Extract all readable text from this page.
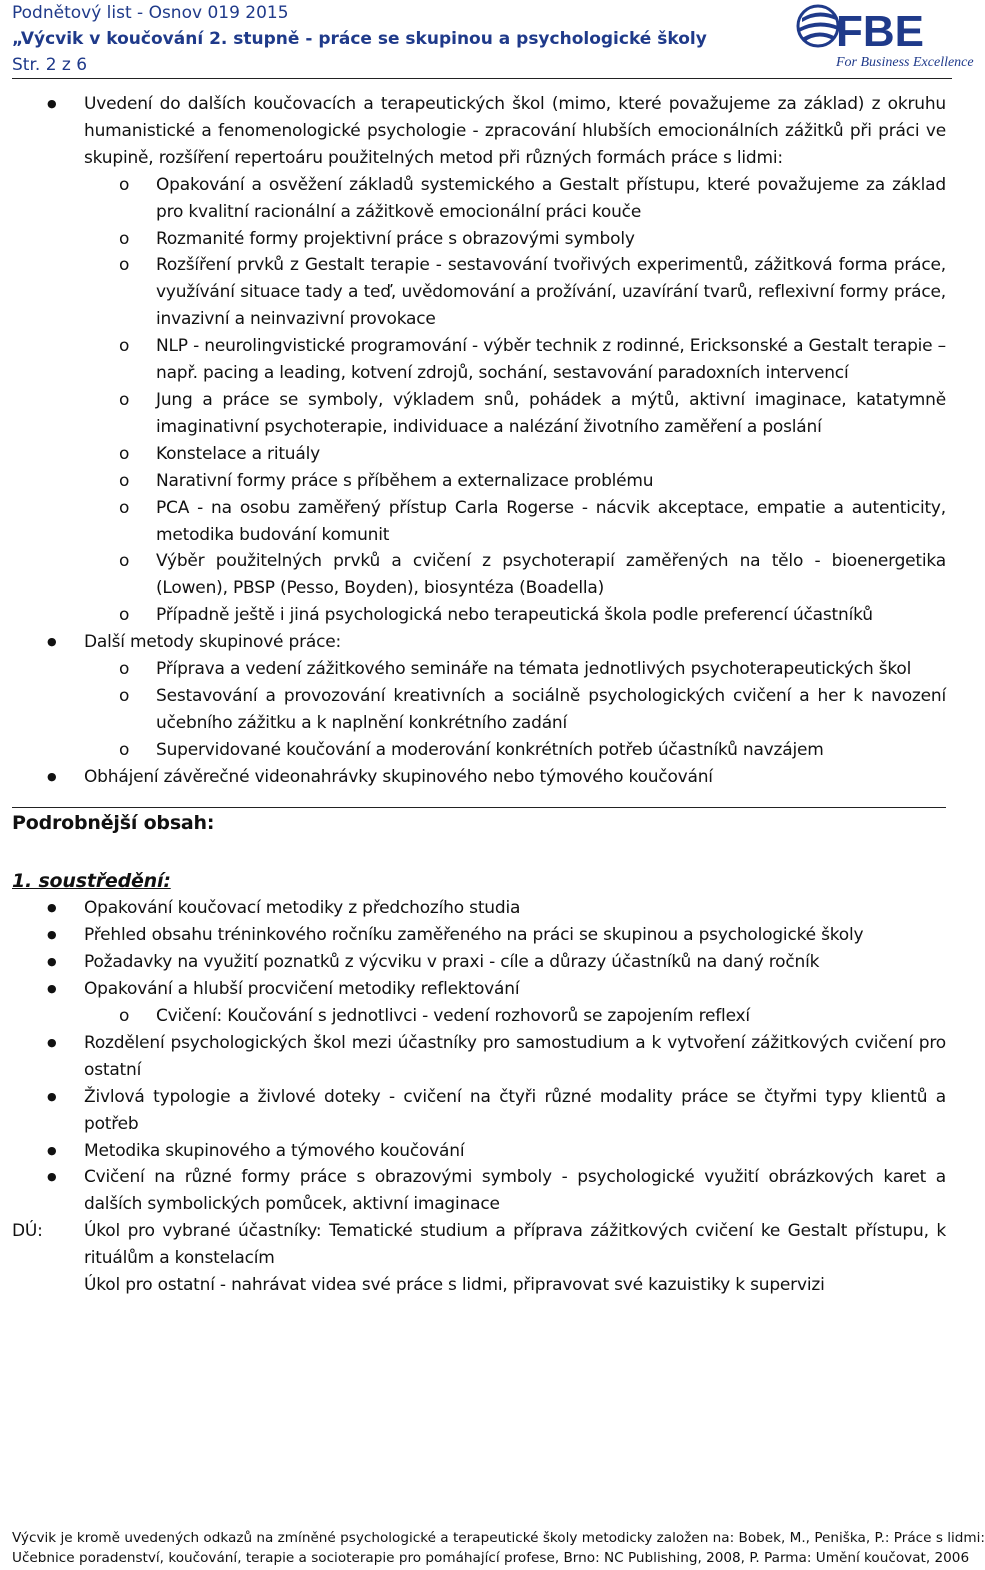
Podnětový list - Osnov 019 2015
„Výcvik v koučování 2. stupně - práce se skupinou a psychologické školy
Str. 2 z 6
FBE
For Business Excellence
● Uvedení do dalších koučovacích a terapeutických škol (mimo, které považujeme za základ) z okruhu humanistické a fenomenologické psychologie - zpracování hlubších emocionálních zážitků při práci ve skupině, rozšíření repertoáru použitelných metod při různých formách práce s lidmi:
o Opakování a osvěžení základů systemického a Gestalt přístupu, které považujeme za základ pro kvalitní racionální a zážitkově emocionální práci kouče
o Rozmanité formy projektivní práce s obrazovými symboly
o Rozšíření prvků z Gestalt terapie - sestavování tvořivých experimentů, zážitková forma práce, využívání situace tady a teď, uvědomování a prožívání, uzavírání tvarů, reflexivní formy práce, invazivní a neinvazivní provokace
o NLP - neurolingvistické programování - výběr technik z rodinné, Ericksonské a Gestalt terapie – např. pacing a leading, kotvení zdrojů, sochání, sestavování paradoxních intervencí
o Jung a práce se symboly, výkladem snů, pohádek a mýtů, aktivní imaginace, katatymně imaginativní psychoterapie, individuace a nalézání životního zaměření a poslání
o Konstelace a rituály
o Narativní formy práce s příběhem a externalizace problému
o PCA - na osobu zaměřený přístup Carla Rogerse - nácvik akceptace, empatie a autenticity, metodika budování komunit
o Výběr použitelných prvků a cvičení z psychoterapií zaměřených na tělo - bioenergetika (Lowen), PBSP (Pesso, Boyden), biosyntéza (Boadella)
o Případně ještě i jiná psychologická nebo terapeutická škola podle preferencí účastníků
● Další metody skupinové práce:
o Příprava a vedení zážitkového semináře na témata jednotlivých psychoterapeutických škol
o Sestavování a provozování kreativních a sociálně psychologických cvičení a her k navození učebního zážitku a k naplnění konkrétního zadání
o Supervidované koučování a moderování konkrétních potřeb účastníků navzájem
● Obhájení závěrečné videonahrávky skupinového nebo týmového koučování
Podrobnější obsah:
1. soustředění:
● Opakování koučovací metodiky z předchozího studia
● Přehled obsahu tréninkového ročníku zaměřeného na práci se skupinou a psychologické školy
● Požadavky na využití poznatků z výcviku v praxi - cíle a důrazy účastníků na daný ročník
● Opakování a hlubší procvičení metodiky reflektování
o Cvičení: Koučování s jednotlivci - vedení rozhovorů se zapojením reflexí
● Rozdělení psychologických škol mezi účastníky pro samostudium a k vytvoření zážitkových cvičení pro ostatní
● Živlová typologie a živlové doteky - cvičení na čtyři různé modality práce se čtyřmi typy klientů a potřeb
● Metodika skupinového a týmového koučování
● Cvičení na různé formy práce s obrazovými symboly - psychologické využití obrázkových karet a dalších symbolických pomůcek, aktivní imaginace
DÚ: Úkol pro vybrané účastníky: Tematické studium a příprava zážitkových cvičení ke Gestalt přístupu, k rituálům a konstelacím
Úkol pro ostatní - nahrávat videa své práce s lidmi, připravovat své kazuistiky k supervizi
Výcvik je kromě uvedených odkazů na zmíněné psychologické a terapeutické školy metodicky založen na: Bobek, M., Peniška, P.: Práce s lidmi:
Učebnice poradenství, koučování, terapie a socioterapie pro pomáhající profese, Brno: NC Publishing, 2008, P. Parma: Umění koučovat, 2006
